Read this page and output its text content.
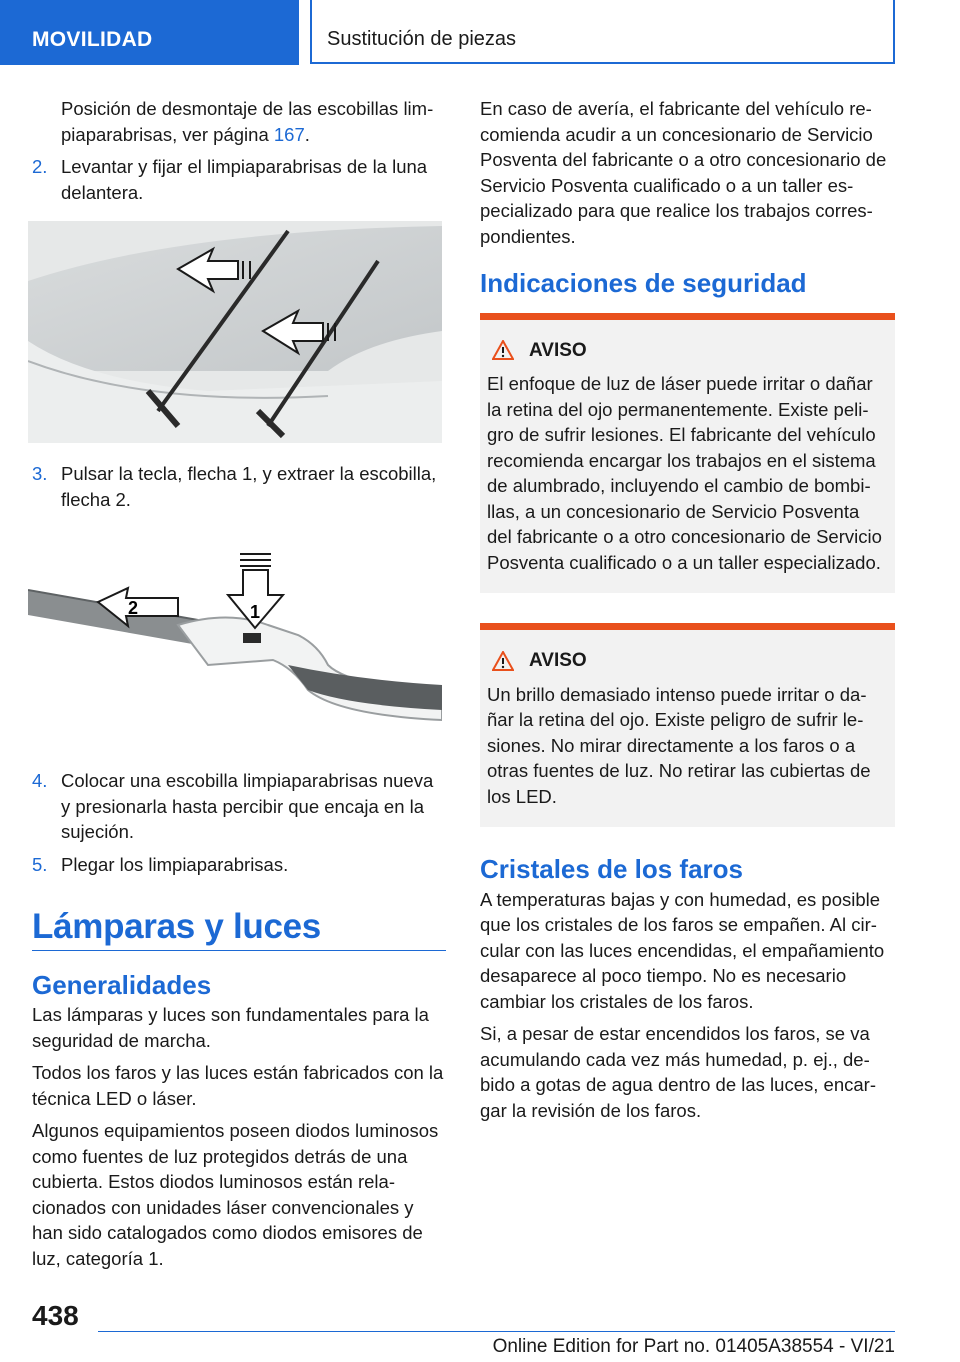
MOVILIDAD	Sustitución de piezas

Posición de desmontaje de las escobillas limpiaparabrisas, ver página 167.

2. Levantar y fijar el limpiaparabrisas de la luna delantera.
3. Pulsar la tecla, flecha 1, y extraer la escobilla, flecha 2.
2	1
4. Colocar una escobilla limpiaparabrisas nueva y presionarla hasta percibir que encaja en la sujeción.
5. Plegar los limpiaparabrisas.
Lámparas y luces
Generalidades

Las lámparas y luces son fundamentales para la seguridad de marcha.

Todos los faros y las luces están fabricados con la técnica LED o láser.

Algunos equipamientos poseen diodos luminosos como fuentes de luz protegidos detrás de una cubierta. Estos diodos luminosos están relacionados con unidades láser convencionales y han sido catalogados como diodos emisores de luz, categoría 1.

En caso de avería, el fabricante del vehículo recomienda acudir a un concesionario de Servicio Posventa del fabricante o a otro concesionario de Servicio Posventa cualificado o a un taller especializado para que realice los trabajos correspondientes.

Indicaciones de seguridad
AVISO
El enfoque de luz de láser puede irritar o dañar la retina del ojo permanentemente. Existe peligro de sufrir lesiones. El fabricante del vehículo recomienda encargar los trabajos en el sistema de alumbrado, incluyendo el cambio de bombillas, a un concesionario de Servicio Posventa del fabricante o a otro concesionario de Servicio Posventa cualificado o a un taller especializado.
AVISO
Un brillo demasiado intenso puede irritar o dañar la retina del ojo. Existe peligro de sufrir lesiones. No mirar directamente a los faros o a otras fuentes de luz. No retirar las cubiertas de los LED.
Cristales de los faros

A temperaturas bajas y con humedad, es posible que los cristales de los faros se empañen. Al circular con las luces encendidas, el empañamiento desaparece al poco tiempo. No es necesario cambiar los cristales de los faros.

Si, a pesar de estar encendidos los faros, se va acumulando cada vez más humedad, p. ej., debido a gotas de agua dentro de las luces, encargar la revisión de los faros.

438
Online Edition for Part no. 01405A38554 - VI/21
